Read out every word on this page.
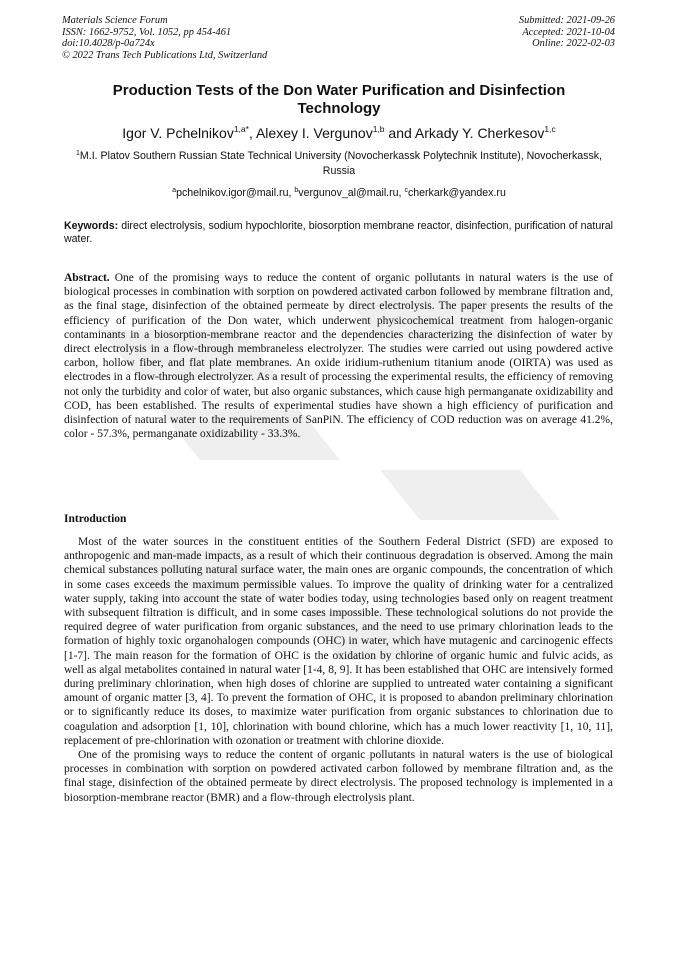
Materials Science Forum
ISSN: 1662-9752, Vol. 1052, pp 454-461
doi:10.4028/p-0a724x
© 2022 Trans Tech Publications Ltd, Switzerland
Submitted: 2021-09-26
Accepted: 2021-10-04
Online: 2022-02-03
Production Tests of the Don Water Purification and Disinfection Technology
Igor V. Pchelnikov$^{1,a*}$, Alexey I. Vergunov$^{1,b}$ and Arkady Y. Cherkesov$^{1,c}$
$^1$M.I. Platov Southern Russian State Technical University (Novocherkassk Polytechnik Institute), Novocherkassk, Russia
$^a$pchelnikov.igor@mail.ru, $^b$vergunov_al@mail.ru, $^c$cherkark@yandex.ru
Keywords: direct electrolysis, sodium hypochlorite, biosorption membrane reactor, disinfection, purification of natural water.
Abstract. One of the promising ways to reduce the content of organic pollutants in natural waters is the use of biological processes in combination with sorption on powdered activated carbon followed by membrane filtration and, as the final stage, disinfection of the obtained permeate by direct electrolysis. The paper presents the results of the efficiency of purification of the Don water, which underwent physicochemical treatment from halogen-organic contaminants in a biosorption-membrane reactor and the dependencies characterizing the disinfection of water by direct electrolysis in a flow-through membraneless electrolyzer. The studies were carried out using powdered active carbon, hollow fiber, and flat plate membranes. An oxide iridium-ruthenium titanium anode (OIRTA) was used as electrodes in a flow-through electrolyzer. As a result of processing the experimental results, the efficiency of removing not only the turbidity and color of water, but also organic substances, which cause high permanganate oxidizability and COD, has been established. The results of experimental studies have shown a high efficiency of purification and disinfection of natural water to the requirements of SanPiN. The efficiency of COD reduction was on average 41.2%, color - 57.3%, permanganate oxidizability - 33.3%.
Introduction

Most of the water sources in the constituent entities of the Southern Federal District (SFD) are exposed to anthropogenic and man-made impacts, as a result of which their continuous degradation is observed. Among the main chemical substances polluting natural surface water, the main ones are organic compounds, the concentration of which in some cases exceeds the maximum permissible values. To improve the quality of drinking water for a centralized water supply, taking into account the state of water bodies today, using technologies based only on reagent treatment with subsequent filtration is difficult, and in some cases impossible. These technological solutions do not provide the required degree of water purification from organic substances, and the need to use primary chlorination leads to the formation of highly toxic organohalogen compounds (OHC) in water, which have mutagenic and carcinogenic effects [1-7]. The main reason for the formation of OHC is the oxidation by chlorine of organic humic and fulvic acids, as well as algal metabolites contained in natural water [1-4, 8, 9]. It has been established that OHC are intensively formed during preliminary chlorination, when high doses of chlorine are supplied to untreated water containing a significant amount of organic matter [3, 4]. To prevent the formation of OHC, it is proposed to abandon preliminary chlorination or to significantly reduce its doses, to maximize water purification from organic substances to chlorination due to coagulation and adsorption [1, 10], chlorination with bound chlorine, which has a much lower reactivity [1, 10, 11], replacement of pre-chlorination with ozonation or treatment with chlorine dioxide.

One of the promising ways to reduce the content of organic pollutants in natural waters is the use of biological processes in combination with sorption on powdered activated carbon followed by membrane filtration and, as the final stage, disinfection of the obtained permeate by direct electrolysis. The proposed technology is implemented in a biosorption-membrane reactor (BMR) and a flow-through electrolysis plant.
